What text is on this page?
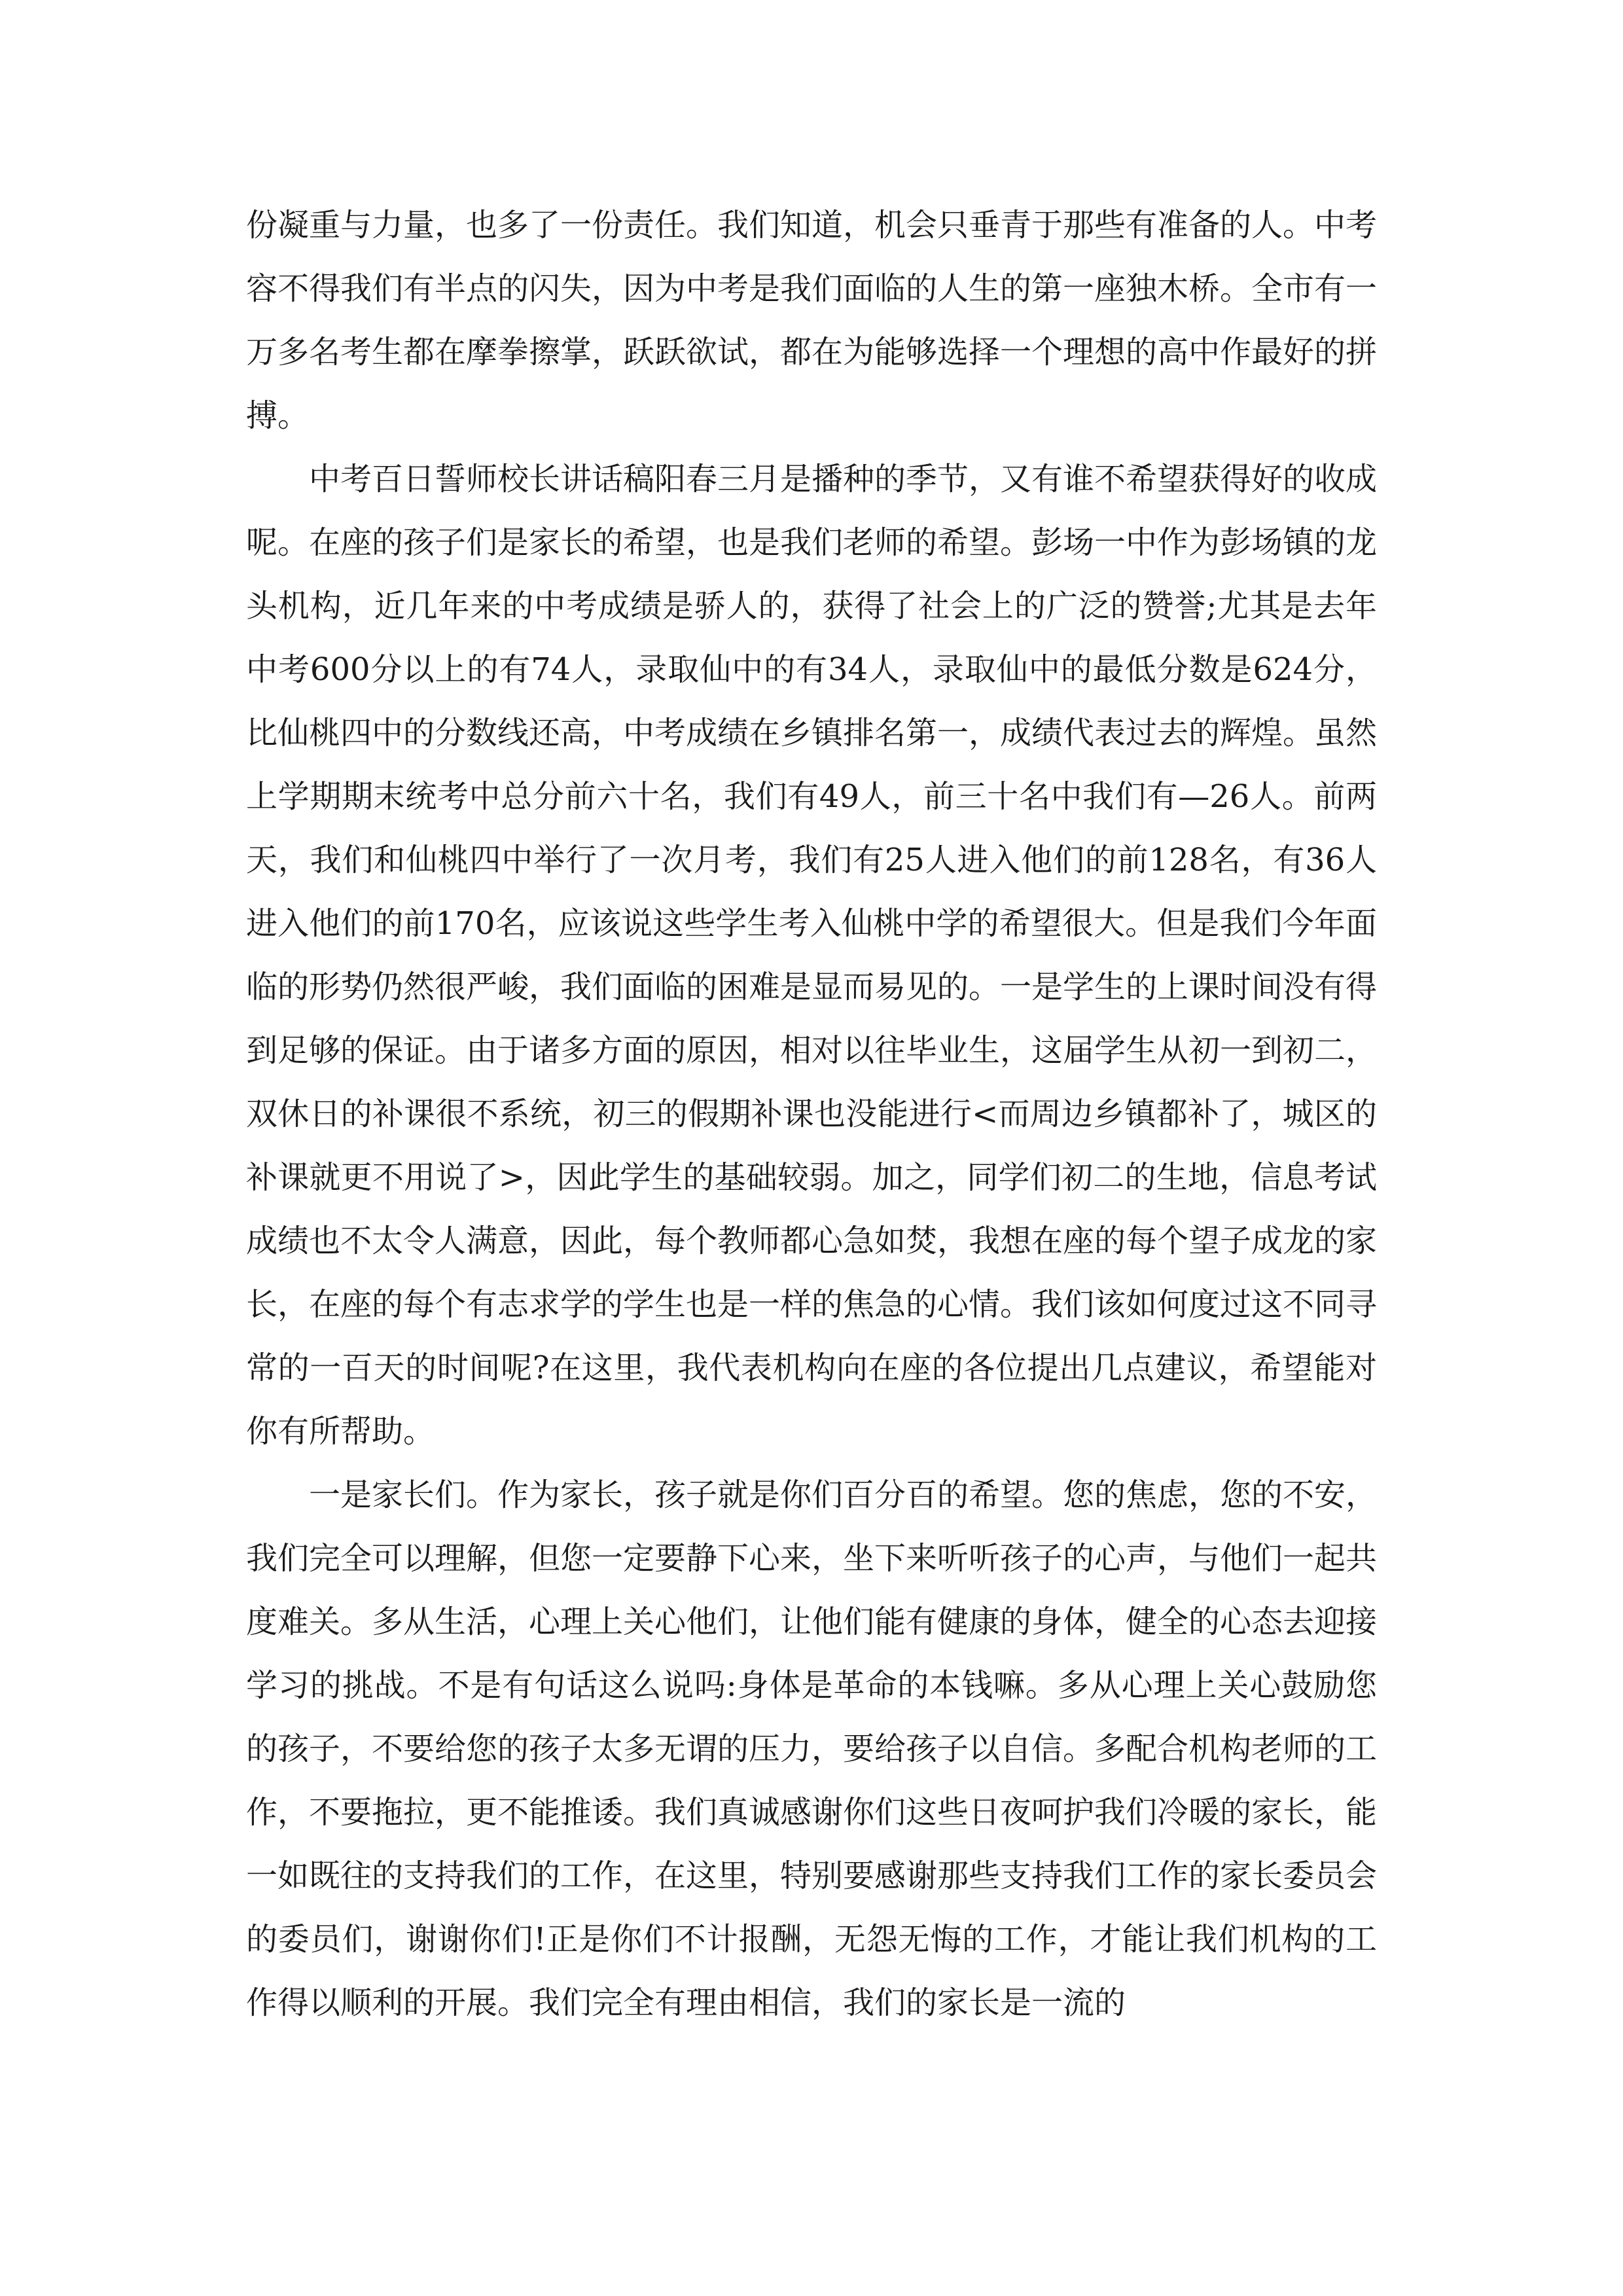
份凝重与力量，也多了一份责任。我们知道，机会只垂青于那些有准备的人。中考容不得我们有半点的闪失，因为中考是我们面临的人生的第一座独木桥。全市有一万多名考生都在摩拳擦掌，跃跃欲试，都在为能够选择一个理想的高中作最好的拼搏。

中考百日誓师校长讲话稿阳春三月是播种的季节，又有谁不希望获得好的收成呢。在座的孩子们是家长的希望，也是我们老师的希望。彭场一中作为彭场镇的龙头机构，近几年来的中考成绩是骄人的，获得了社会上的广泛的赞誉;尤其是去年中考600分以上的有74人，录取仙中的有34人，录取仙中的最低分数是624分，比仙桃四中的分数线还高，中考成绩在乡镇排名第一，成绩代表过去的辉煌。虽然上学期期末统考中总分前六十名，我们有49人，前三十名中我们有—26人。前两天，我们和仙桃四中举行了一次月考，我们有25人进入他们的前128名，有36人进入他们的前170名，应该说这些学生考入仙桃中学的希望很大。但是我们今年面临的形势仍然很严峻，我们面临的困难是显而易见的。一是学生的上课时间没有得到足够的保证。由于诸多方面的原因，相对以往毕业生，这届学生从初一到初二，双休日的补课很不系统，初三的假期补课也没能进行<而周边乡镇都补了，城区的补课就更不用说了>，因此学生的基础较弱。加之，同学们初二的生地，信息考试成绩也不太令人满意，因此，每个教师都心急如焚，我想在座的每个望子成龙的家长，在座的每个有志求学的学生也是一样的焦急的心情。我们该如何度过这不同寻常的一百天的时间呢?在这里，我代表机构向在座的各位提出几点建议，希望能对你有所帮助。

一是家长们。作为家长，孩子就是你们百分百的希望。您的焦虑，您的不安，我们完全可以理解，但您一定要静下心来，坐下来听听孩子的心声，与他们一起共度难关。多从生活，心理上关心他们，让他们能有健康的身体，健全的心态去迎接学习的挑战。不是有句话这么说吗:身体是革命的本钱嘛。多从心理上关心鼓励您的孩子，不要给您的孩子太多无谓的压力，要给孩子以自信。多配合机构老师的工作，不要拖拉，更不能推诿。我们真诚感谢你们这些日夜呵护我们冷暖的家长，能一如既往的支持我们的工作，在这里，特别要感谢那些支持我们工作的家长委员会的委员们，谢谢你们!正是你们不计报酬，无怨无悔的工作，才能让我们机构的工作得以顺利的开展。我们完全有理由相信，我们的家长是一流的
